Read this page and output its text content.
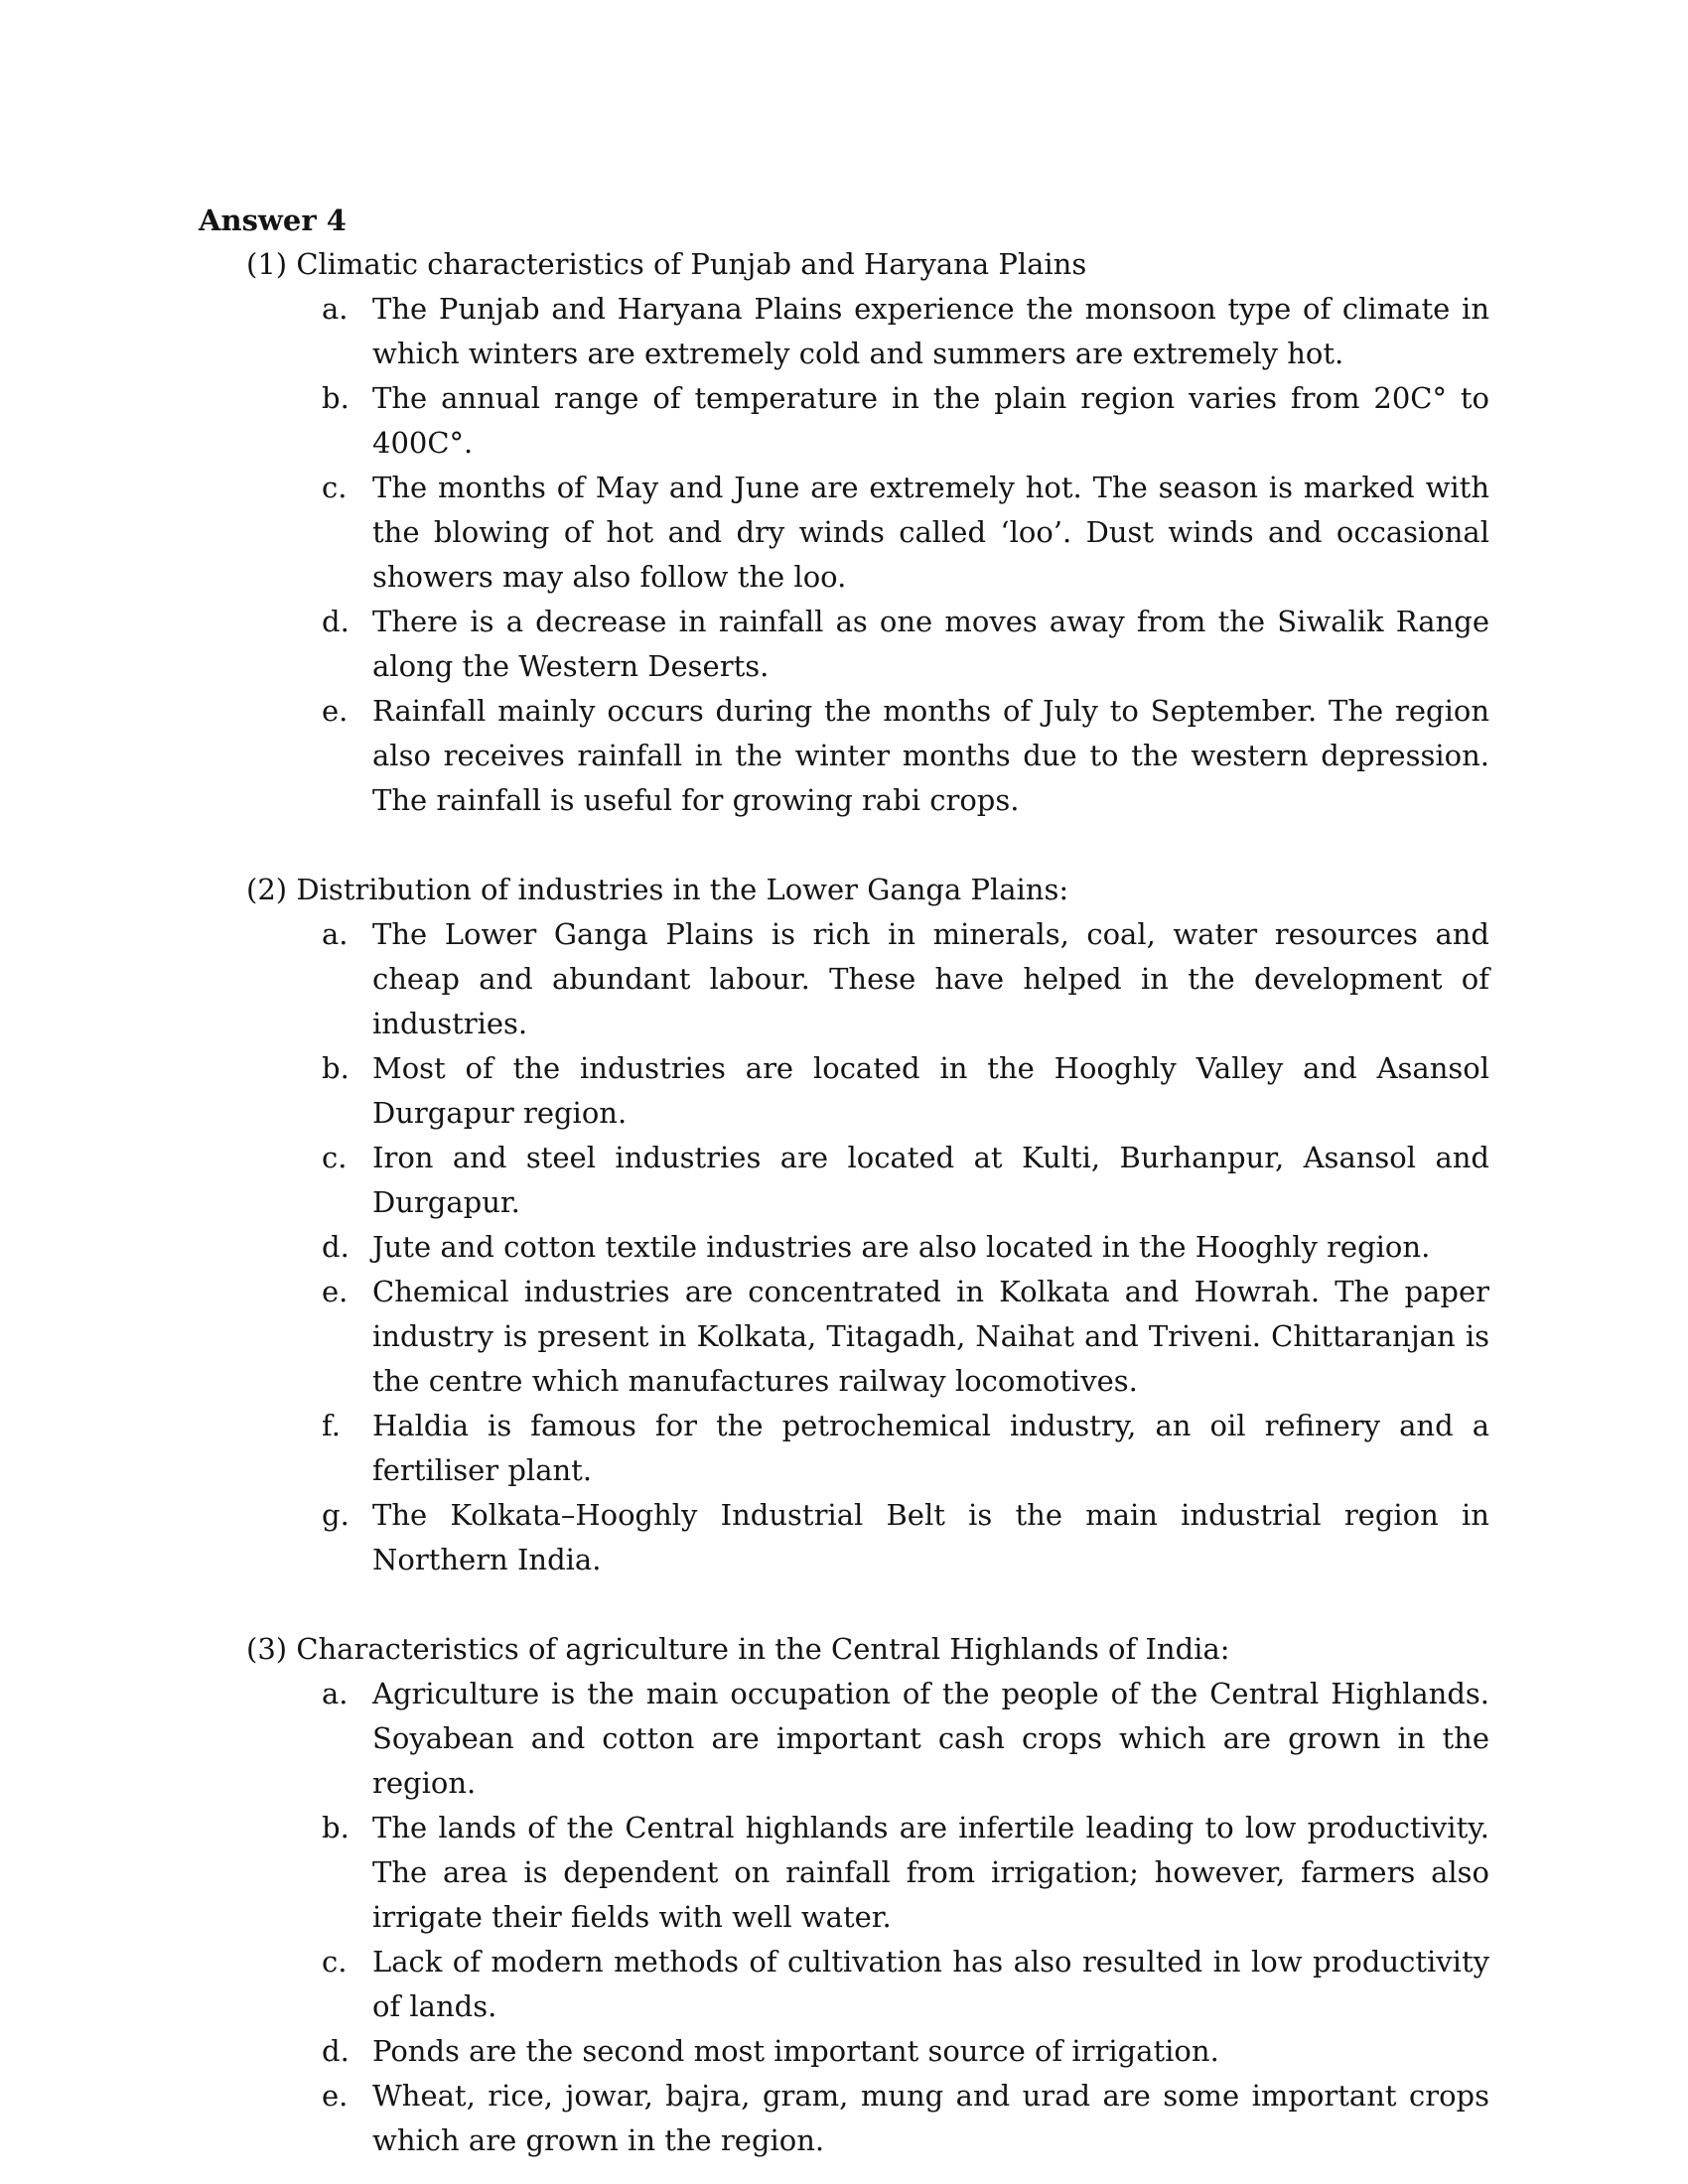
Answer 4
(1) Climatic characteristics of Punjab and Haryana Plains
a. The Punjab and Haryana Plains experience the monsoon type of climate in which winters are extremely cold and summers are extremely hot.
b. The annual range of temperature in the plain region varies from 20C° to 400C°.
c. The months of May and June are extremely hot. The season is marked with the blowing of hot and dry winds called ‘loo’. Dust winds and occasional showers may also follow the loo.
d. There is a decrease in rainfall as one moves away from the Siwalik Range along the Western Deserts.
e. Rainfall mainly occurs during the months of July to September. The region also receives rainfall in the winter months due to the western depression. The rainfall is useful for growing rabi crops.
(2) Distribution of industries in the Lower Ganga Plains:
a. The Lower Ganga Plains is rich in minerals, coal, water resources and cheap and abundant labour. These have helped in the development of industries.
b. Most of the industries are located in the Hooghly Valley and Asansol Durgapur region.
c. Iron and steel industries are located at Kulti, Burhanpur, Asansol and Durgapur.
d. Jute and cotton textile industries are also located in the Hooghly region.
e. Chemical industries are concentrated in Kolkata and Howrah. The paper industry is present in Kolkata, Titagadh, Naihat and Triveni. Chittaranjan is the centre which manufactures railway locomotives.
f. Haldia is famous for the petrochemical industry, an oil refinery and a fertiliser plant.
g. The Kolkata–Hooghly Industrial Belt is the main industrial region in Northern India.
(3) Characteristics of agriculture in the Central Highlands of India:
a. Agriculture is the main occupation of the people of the Central Highlands. Soyabean and cotton are important cash crops which are grown in the region.
b. The lands of the Central highlands are infertile leading to low productivity. The area is dependent on rainfall from irrigation; however, farmers also irrigate their fields with well water.
c. Lack of modern methods of cultivation has also resulted in low productivity of lands.
d. Ponds are the second most important source of irrigation.
e. Wheat, rice, jowar, bajra, gram, mung and urad are some important crops which are grown in the region.
